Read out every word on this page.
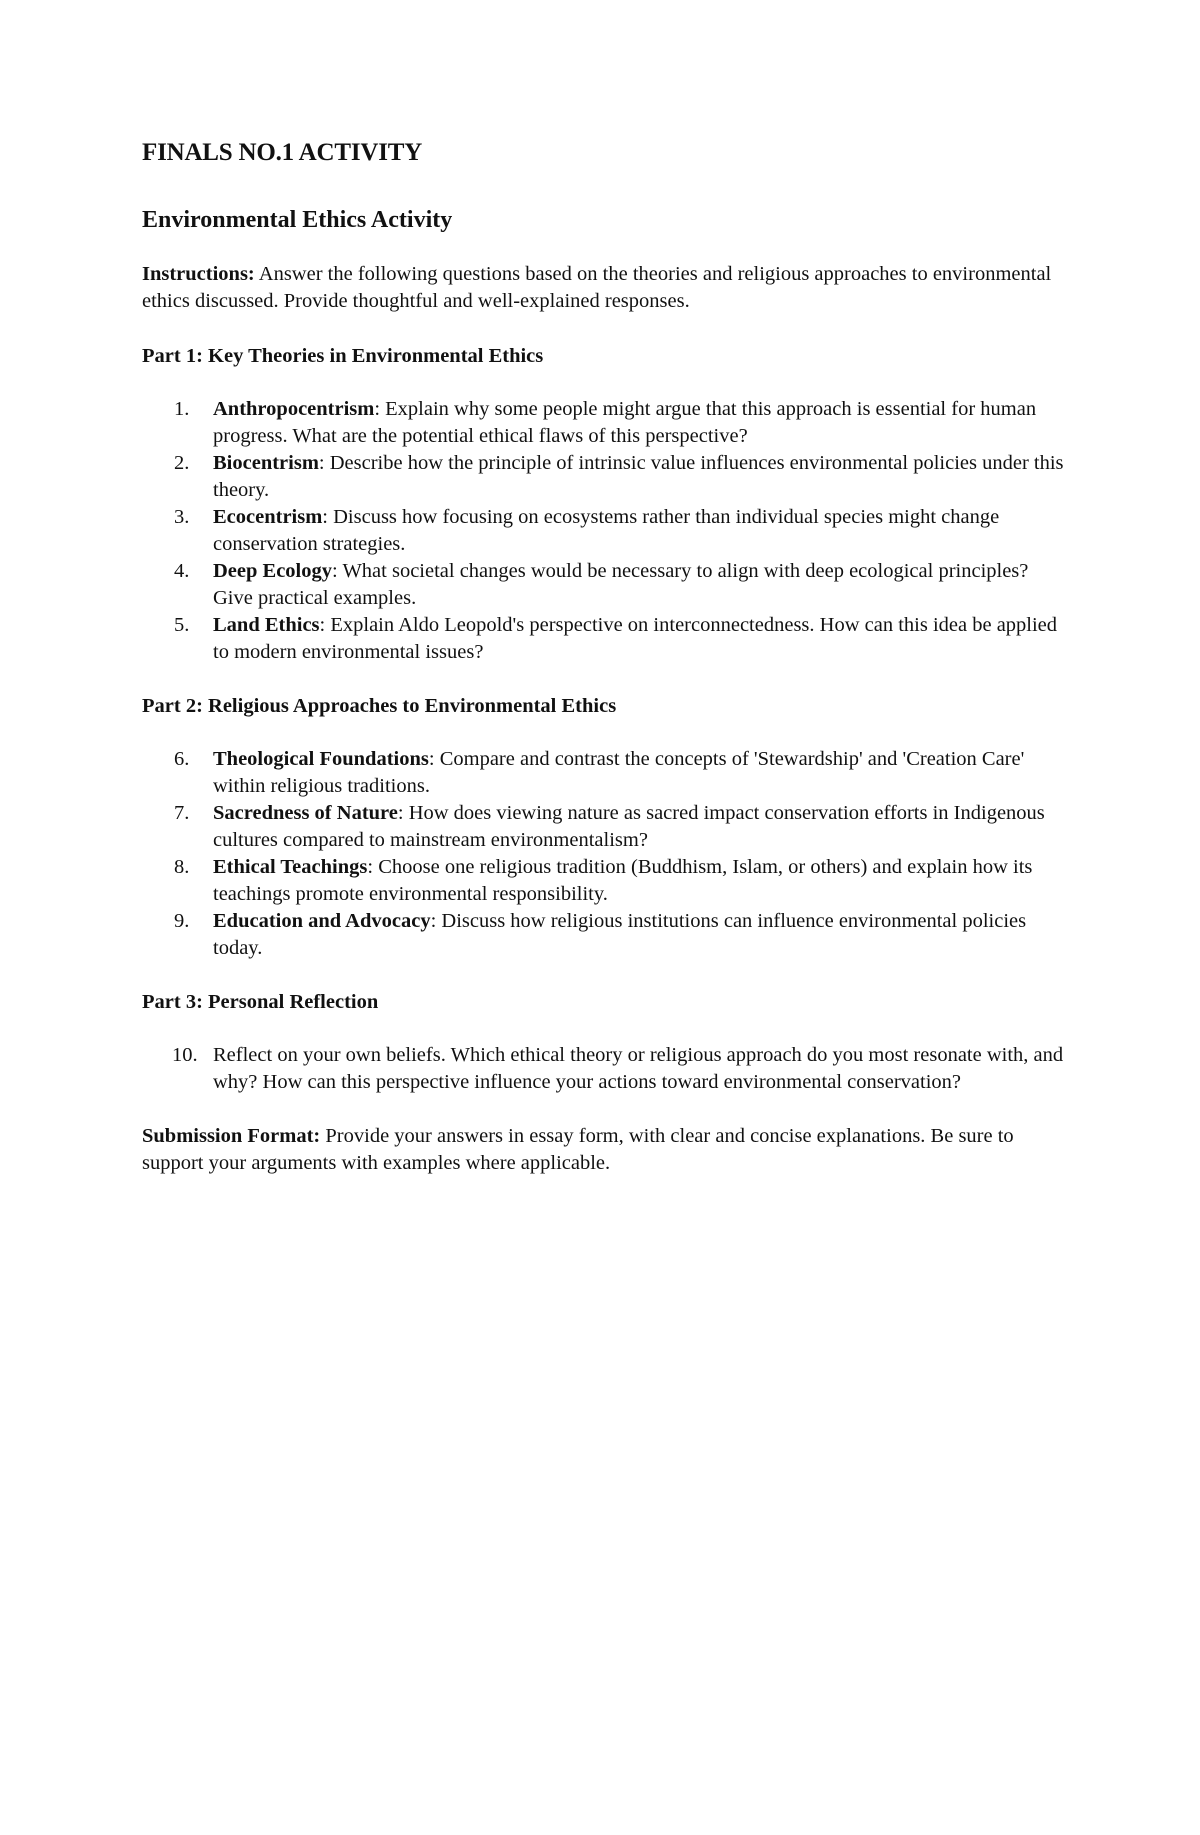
FINALS NO.1 ACTIVITY
Environmental Ethics Activity

Instructions: Answer the following questions based on the theories and religious approaches to environmental ethics discussed. Provide thoughtful and well-explained responses.

Part 1: Key Theories in Environmental Ethics
1.	Anthropocentrism: Explain why some people might argue that this approach is essential for human progress. What are the potential ethical flaws of this perspective?
2.	Biocentrism: Describe how the principle of intrinsic value influences environmental policies under this theory.
3.	Ecocentrism: Discuss how focusing on ecosystems rather than individual species might change conservation strategies.
4.	Deep Ecology: What societal changes would be necessary to align with deep ecological principles? Give practical examples.
5.	Land Ethics: Explain Aldo Leopold's perspective on interconnectedness. How can this idea be applied to modern environmental issues?
Part 2: Religious Approaches to Environmental Ethics
6.	Theological Foundations: Compare and contrast the concepts of 'Stewardship' and 'Creation Care' within religious traditions.
7.	Sacredness of Nature: How does viewing nature as sacred impact conservation efforts in Indigenous cultures compared to mainstream environmentalism?
8.	Ethical Teachings: Choose one religious tradition (Buddhism, Islam, or others) and explain how its teachings promote environmental responsibility.
9.	Education and Advocacy: Discuss how religious institutions can influence environmental policies today.
Part 3: Personal Reflection
10. Reflect on your own beliefs. Which ethical theory or religious approach do you most resonate with, and why? How can this perspective influence your actions toward environmental conservation?

Submission Format: Provide your answers in essay form, with clear and concise explanations. Be sure to support your arguments with examples where applicable.
